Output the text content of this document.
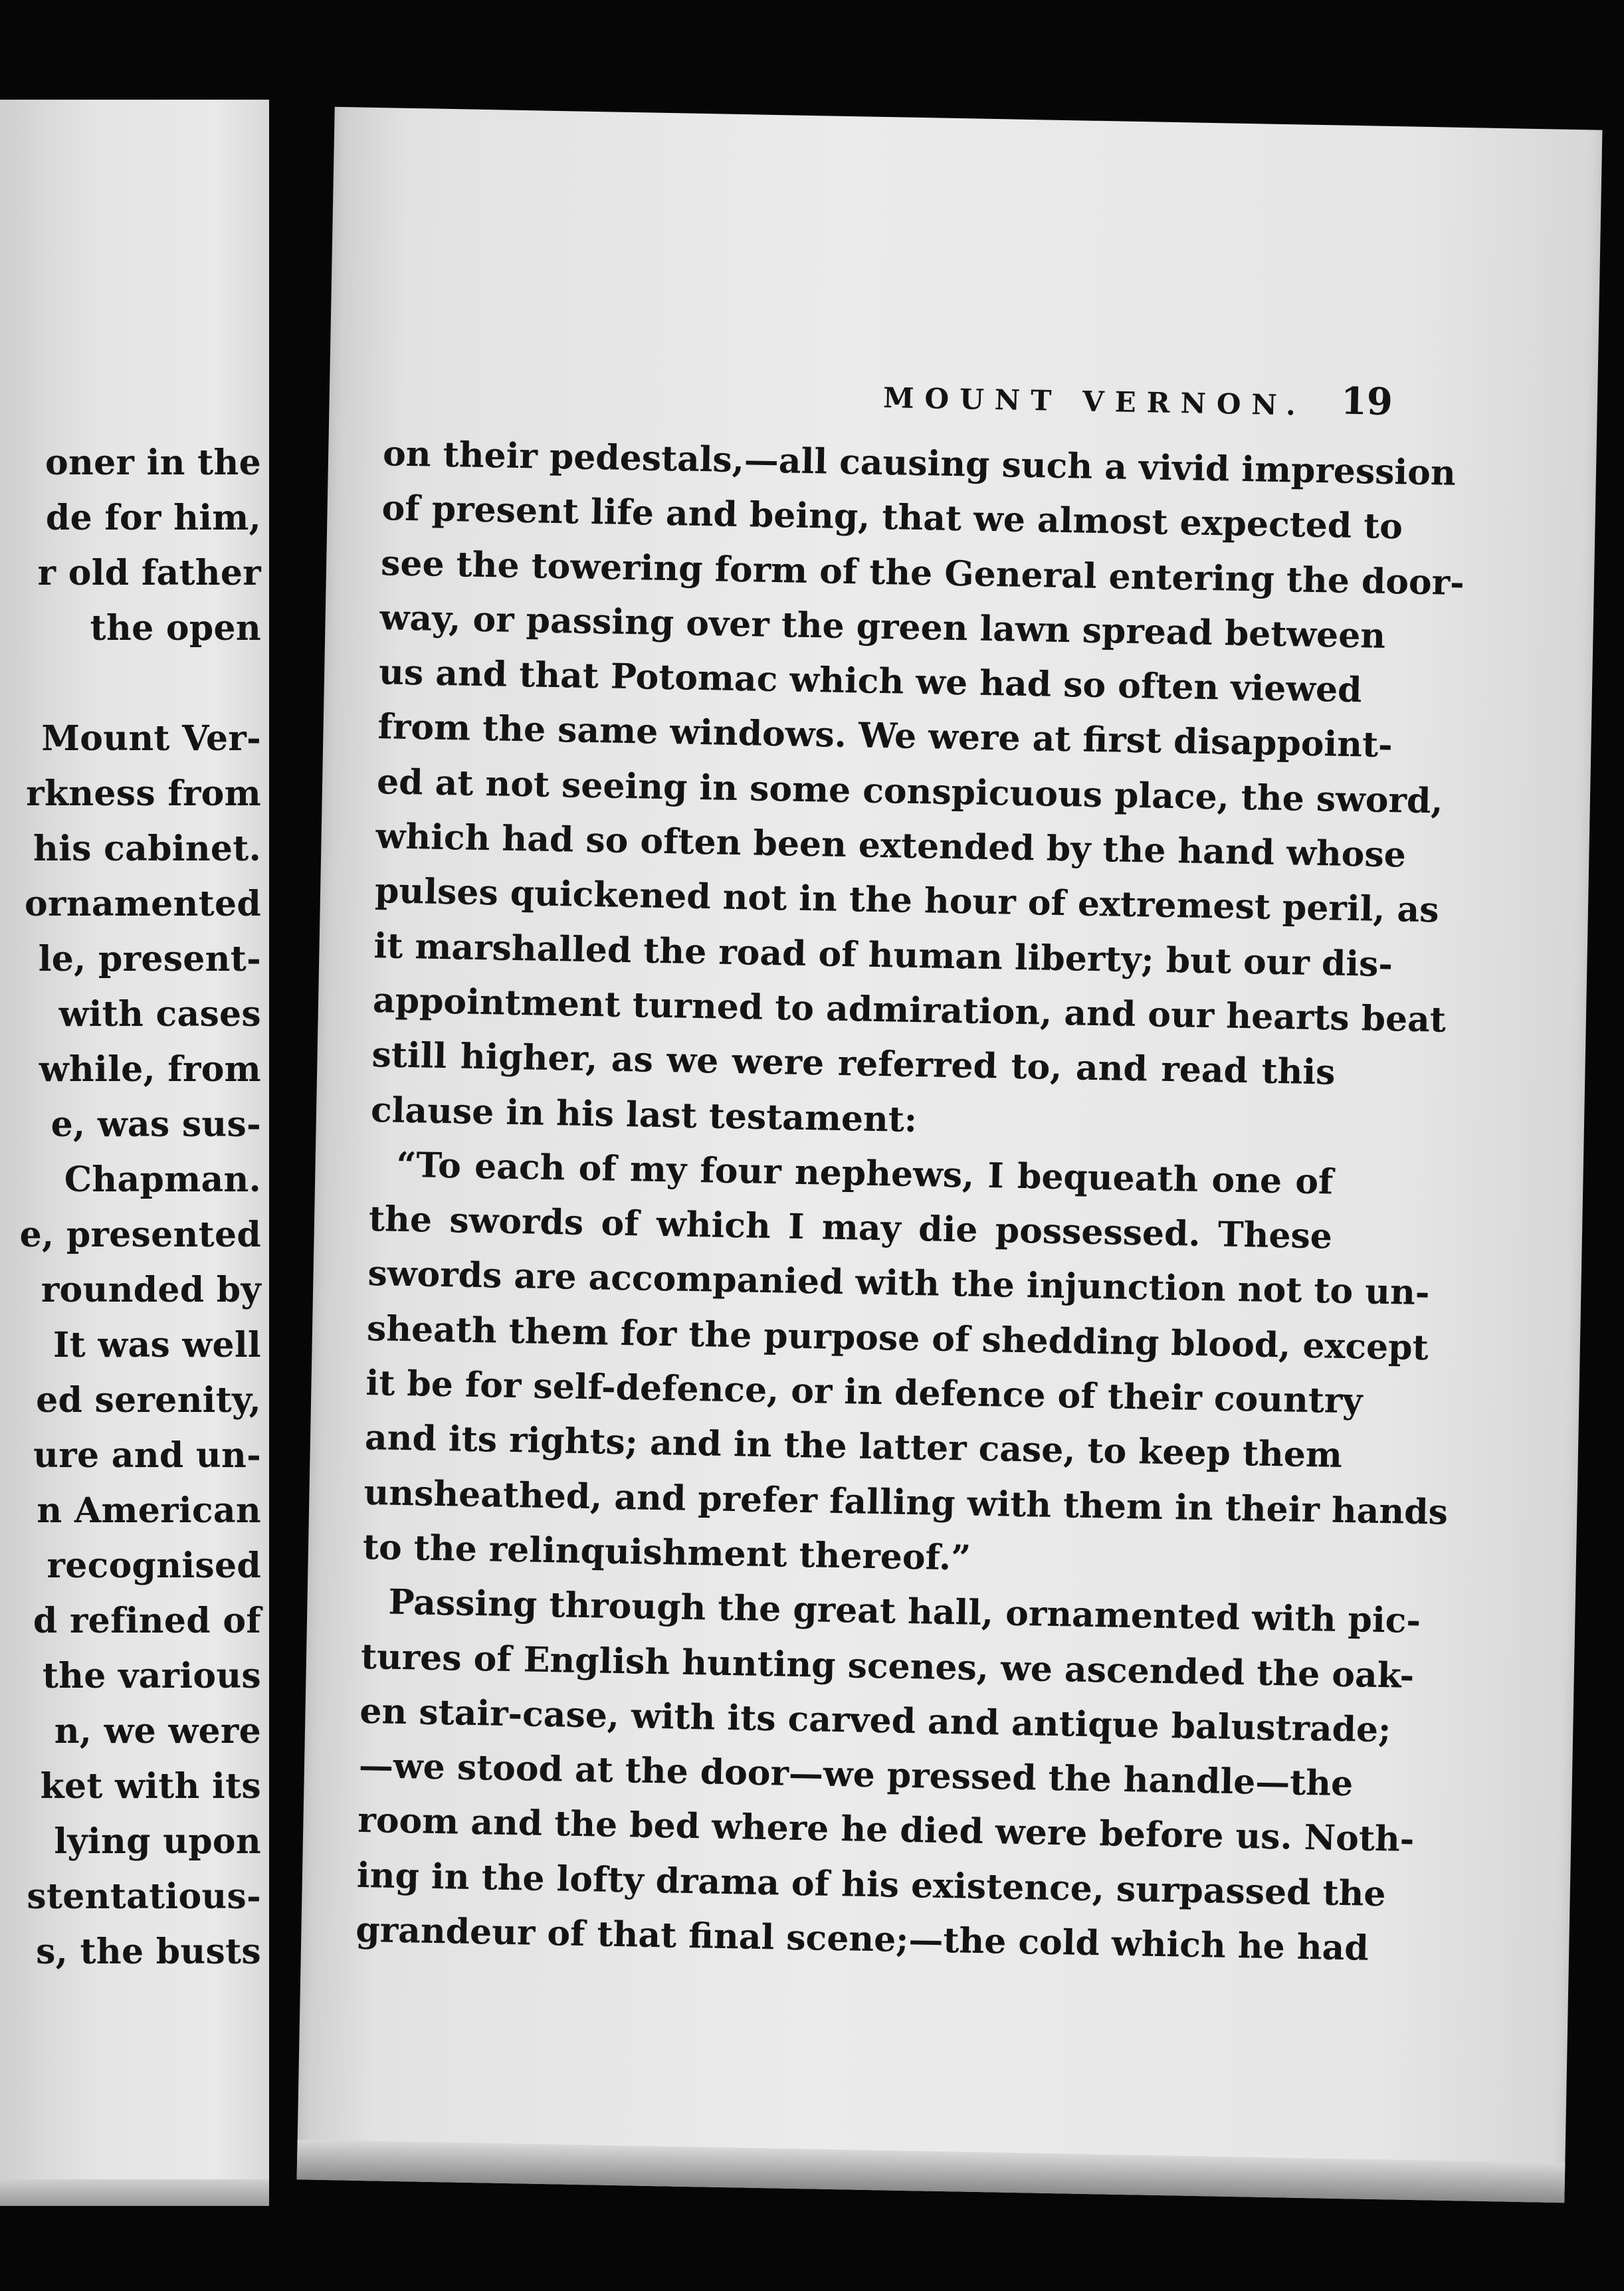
oner in the
de for him,
r old father
the open
Mount Ver-
rkness from
his cabinet.
ornamented
le, present-
with cases
while, from
e, was sus-
Chapman.
e, presented
rounded by
It was well
ed serenity,
ure and un-
n American
recognised
d refined of
the various
n, we were
ket with its
lying upon
stentatious-
s, the busts
MOUNT VERNON. 19
on their pedestals,—all causing such a vivid impression
of present life and being, that we almost expected to
see the towering form of the General entering the door-
way, or passing over the green lawn spread between
us and that Potomac which we had so often viewed
from the same windows. We were at first disappoint-
ed at not seeing in some conspicuous place, the sword,
which had so often been extended by the hand whose
pulses quickened not in the hour of extremest peril, as
it marshalled the road of human liberty; but our dis-
appointment turned to admiration, and our hearts beat
still higher, as we were referred to, and read this
clause in his last testament:
“To each of my four nephews, I bequeath one of
the swords of which I may die possessed. These
swords are accompanied with the injunction not to un-
sheath them for the purpose of shedding blood, except
it be for self-defence, or in defence of their country
and its rights; and in the latter case, to keep them
unsheathed, and prefer falling with them in their hands
to the relinquishment thereof.”
Passing through the great hall, ornamented with pic-
tures of English hunting scenes, we ascended the oak-
en stair-case, with its carved and antique balustrade;
—we stood at the door—we pressed the handle—the
room and the bed where he died were before us. Noth-
ing in the lofty drama of his existence, surpassed the
grandeur of that final scene;—the cold which he had
